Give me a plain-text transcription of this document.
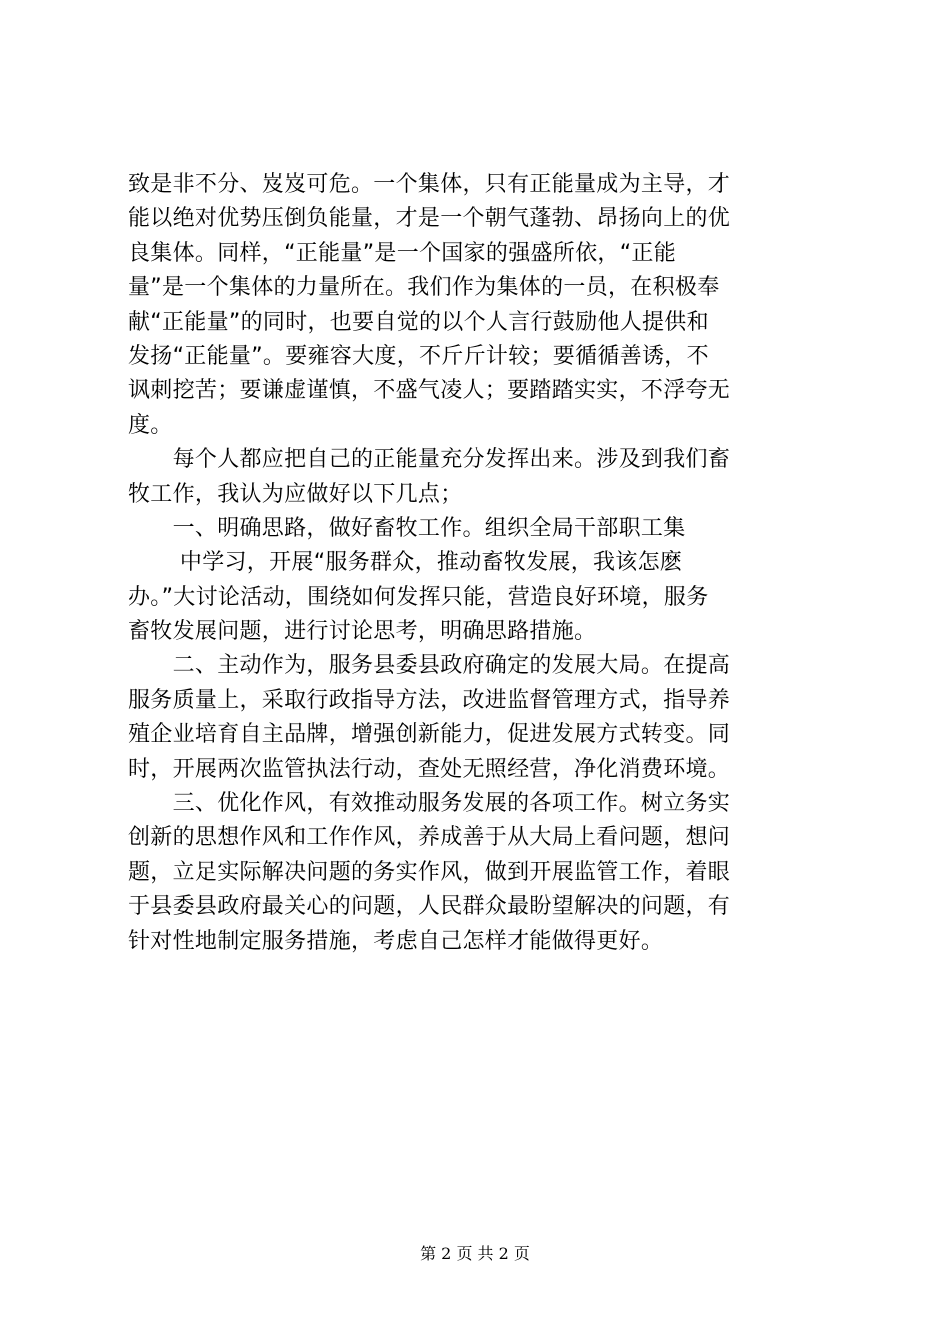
致是非不分、岌岌可危。一个集体，只有正能量成为主导，才
能以绝对优势压倒负能量，才是一个朝气蓬勃、昂扬向上的优
良集体。同样，“正能量”是一个国家的强盛所依，“正能
量”是一个集体的力量所在。我们作为集体的一员，在积极奉
献“正能量”的同时，也要自觉的以个人言行鼓励他人提供和
发扬“正能量”。要雍容大度，不斤斤计较；要循循善诱，不
讽刺挖苦；要谦虚谨慎，不盛气凌人；要踏踏实实，不浮夸无
度。
　　每个人都应把自己的正能量充分发挥出来。涉及到我们畜
牧工作，我认为应做好以下几点；
　　一、明确思路，做好畜牧工作。组织全局干部职工集
　　 中学习，开展“服务群众，推动畜牧发展，我该怎麽
办。”大讨论活动，围绕如何发挥只能，营造良好环境，服务
畜牧发展问题，进行讨论思考，明确思路措施。
　　二、主动作为，服务县委县政府确定的发展大局。在提高
服务质量上，采取行政指导方法，改进监督管理方式，指导养
殖企业培育自主品牌，增强创新能力，促进发展方式转变。同
时，开展两次监管执法行动，查处无照经营，净化消费环境。
　　三、优化作风，有效推动服务发展的各项工作。树立务实
创新的思想作风和工作作风，养成善于从大局上看问题，想问
题，立足实际解决问题的务实作风，做到开展监管工作，着眼
于县委县政府最关心的问题，人民群众最盼望解决的问题，有
针对性地制定服务措施，考虑自己怎样才能做得更好。
第 2 页 共 2 页
